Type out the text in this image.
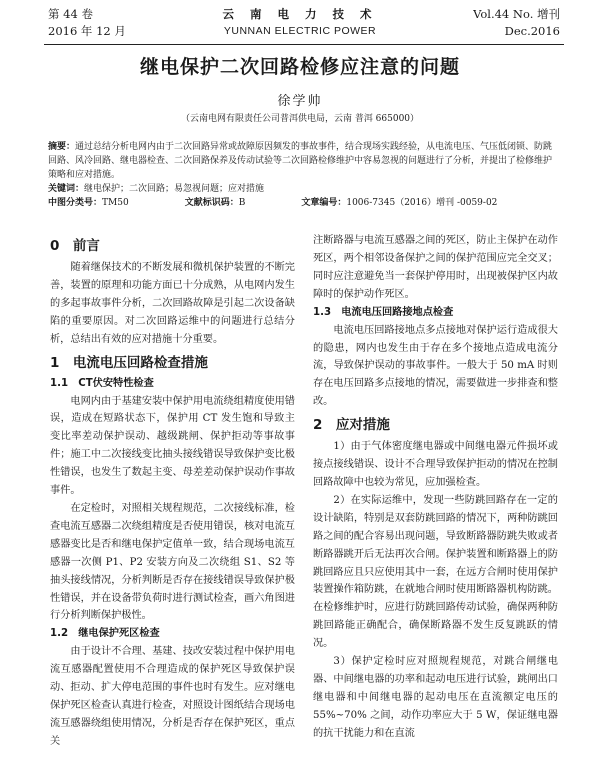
第 44 卷
2016 年 12 月
云 南 电 力 技 术
YUNNAN ELECTRIC POWER
Vol.44 No. 增刊
Dec.2016
继电保护二次回路检修应注意的问题
徐学帅
（云南电网有限责任公司普洱供电局，云南 普洱 665000）

摘要：通过总结分析电网内由于二次回路异常或故障原因频发的事故事件，结合现场实践经验，从电流电压、气压低闭锁、防跳回路、风冷回路、继电器检查、二次回路保养及传动试验等二次回路检修维护中容易忽视的问题进行了分析，并提出了检修维护策略和应对措施。

关键词：继电保护；二次回路；易忽视问题；应对措施

中图分类号：TM50	文献标识码：B	文章编号：1006-7345（2016）增刊 -0059-02

0　前言

随着继保技术的不断发展和微机保护装置的不断完善，装置的原理和功能方面已十分成熟，从电网内发生的多起事故事件分析，二次回路故障是引起二次设备缺陷的重要原因。对二次回路运维中的问题进行总结分析，总结出有效的应对措施十分重要。

1　电流电压回路检查措施

1.1　CT伏安特性检查

电网内由于基建安装中保护用电流绕组精度使用错误，造成在短路状态下，保护用 CT 发生饱和导致主变比率差动保护误动、越级跳闸、保护拒动等事故事件；施工中二次接线变比抽头接线错误导致保护变比极性错误，也发生了数起主变、母差差动保护误动作事故事件。

在定检时，对照相关规程规范，二次接线标准，检查电流互感器二次绕组精度是否使用错误，核对电流互感器变比是否和继电保护定值单一致，结合现场电流互感器一次侧 P1、P2 安装方向及二次绕组 S1、S2 等抽头接线情况，分析判断是否存在接线错误导致保护极性错误，并在设备带负荷时进行测试检查，画六角图进行分析判断保护极性。

1.2　继电保护死区检查

由于设计不合理、基建、技改安装过程中保护用电流互感器配置使用不合理造成的保护死区导致保护误动、拒动、扩大停电范围的事件也时有发生。应对继电保护死区检查认真进行检查，对照设计图纸结合现场电流互感器绕组使用情况，分析是否存在保护死区，重点关

注断路器与电流互感器之间的死区，防止主保护在动作死区，两个相邻设备保护之间的保护范围应完全交叉；同时应注意避免当一套保护停用时，出现被保护区内故障时的保护动作死区。

1.3　电流电压回路接地点检查

电流电压回路接地点多点接地对保护运行造成很大的隐患，网内也发生由于存在多个接地点造成电流分流，导致保护误动的事故事件。一般大于 50 mA 时则存在电压回路多点接地的情况，需要做进一步排查和整改。

2　应对措施

1）由于气体密度继电器或中间继电器元件损坏或接点接线错误、设计不合理导致保护拒动的情况在控制回路故障中也较为常见，应加强检查。

2）在实际运维中，发现一些防跳回路存在一定的设计缺陷，特别是双套防跳回路的情况下，两种防跳回路之间的配合容易出现问题，导致断路器防跳失败或者断路器跳开后无法再次合闸。保护装置和断路器上的防跳回路应且只应使用其中一套，在远方合闸时使用保护装置操作箱防跳，在就地合闸时使用断路器机构防跳。在检修维护时，应进行防跳回路传动试验，确保两种防跳回路能正确配合，确保断路器不发生反复跳跃的情况。

3）保护定检时应对照规程规范，对跳合闸继电器、中间继电器的功率和起动电压进行试验，跳闸出口继电器和中间继电器的起动电压在直流额定电压的 55%~70% 之间，动作功率应大于 5 W，保证继电器的抗干扰能力和在直流
